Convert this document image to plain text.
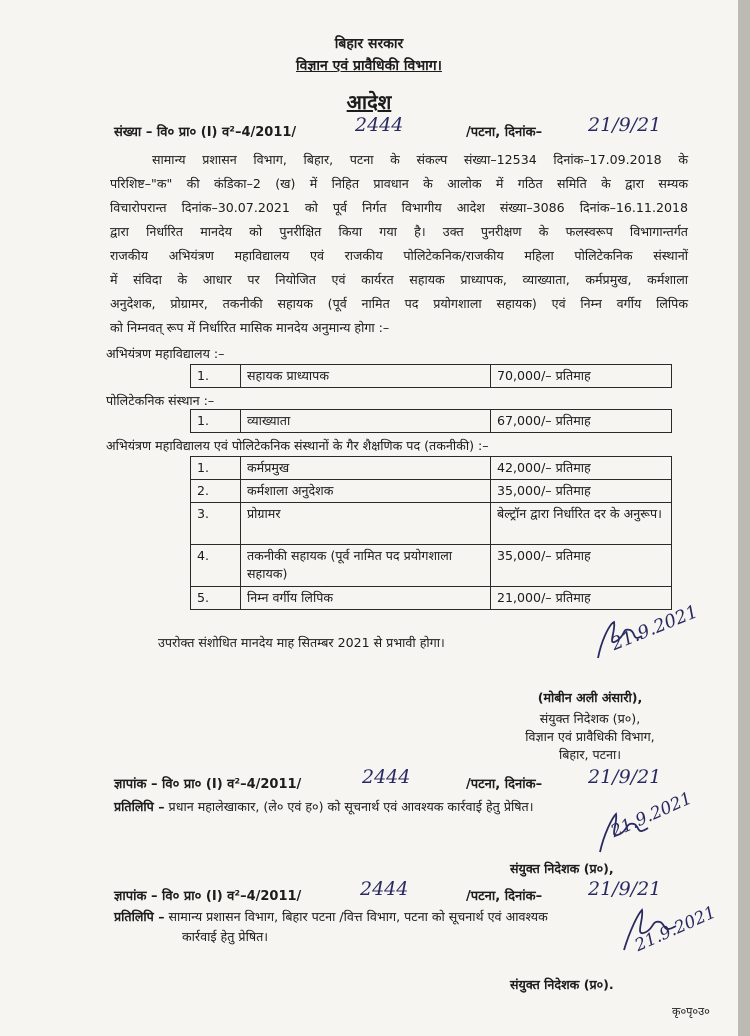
बिहार सरकार
विज्ञान एवं प्रावैधिकी विभाग।
आदेश
संख्या – वि० प्रा० (I) व²–4/2011/	2444	/पटना, दिनांक– 21/9/21
सामान्य प्रशासन विभाग, बिहार, पटना के संकल्प संख्या–12534 दिनांक–17.09.2018 के
परिशिष्ट–"क" की कंडिका–2 (ख) में निहित प्रावधान के आलोक में गठित समिति के द्वारा सम्यक
विचारोपरान्त दिनांक–30.07.2021 को पूर्व निर्गत विभागीय आदेश संख्या–3086 दिनांक–16.11.2018
द्वारा निर्धारित मानदेय को पुनरीक्षित किया गया है। उक्त पुनरीक्षण के फलस्वरूप विभागान्तर्गत
राजकीय अभियंत्रण महाविद्यालय एवं राजकीय पोलिटेकनिक/राजकीय महिला पोलिटेकनिक संस्थानों
में संविदा के आधार पर नियोजित एवं कार्यरत सहायक प्राध्यापक, व्याख्याता, कर्मप्रमुख, कर्मशाला
अनुदेशक, प्रोग्रामर, तकनीकी सहायक (पूर्व नामित पद प्रयोगशाला सहायक) एवं निम्न वर्गीय लिपिक
को निम्नवत् रूप में निर्धारित मासिक मानदेय अनुमान्य होगा :–
अभियंत्रण महाविद्यालय :–
1.	सहायक प्राध्यापक	70,000/– प्रतिमाह
पोलिटेकनिक संस्थान :–
1.	व्याख्याता	67,000/– प्रतिमाह
अभियंत्रण महाविद्यालय एवं पोलिटेकनिक संस्थानों के गैर शैक्षणिक पद (तकनीकी) :–
1.	कर्मप्रमुख	42,000/– प्रतिमाह
2.	कर्मशाला अनुदेशक	35,000/– प्रतिमाह
3.	प्रोग्रामर	बेल्ट्रॉन द्वारा निर्धारित दर के अनुरूप।
4.	तकनीकी सहायक (पूर्व नामित पद प्रयोगशाला सहायक)	35,000/– प्रतिमाह
5.	निम्न वर्गीय लिपिक	21,000/– प्रतिमाह
उपरोक्त संशोधित मानदेय माह सितम्बर 2021 से प्रभावी होगा।	21.9.2021
(मोबीन अली अंसारी),
संयुक्त निदेशक (प्र०),
विज्ञान एवं प्रावैधिकी विभाग,
बिहार, पटना।
ज्ञापांक – वि० प्रा० (I) व²–4/2011/	2444	/पटना, दिनांक– 21/9/21
प्रतिलिपि – प्रधान महालेखाकार, (ले० एवं ह०) को सूचनार्थ एवं आवश्यक कार्रवाई हेतु प्रेषित।	21.9.2021
संयुक्त निदेशक (प्र०),
ज्ञापांक – वि० प्रा० (I) व²–4/2011/	2444	/पटना, दिनांक– 21/9/21
प्रतिलिपि – सामान्य प्रशासन विभाग, बिहार पटना /वित्त विभाग, पटना को सूचनार्थ एवं आवश्यक
कार्रवाई हेतु प्रेषित।	21.9.2021
संयुक्त निदेशक (प्र०).
कृ०पृ०उ०
